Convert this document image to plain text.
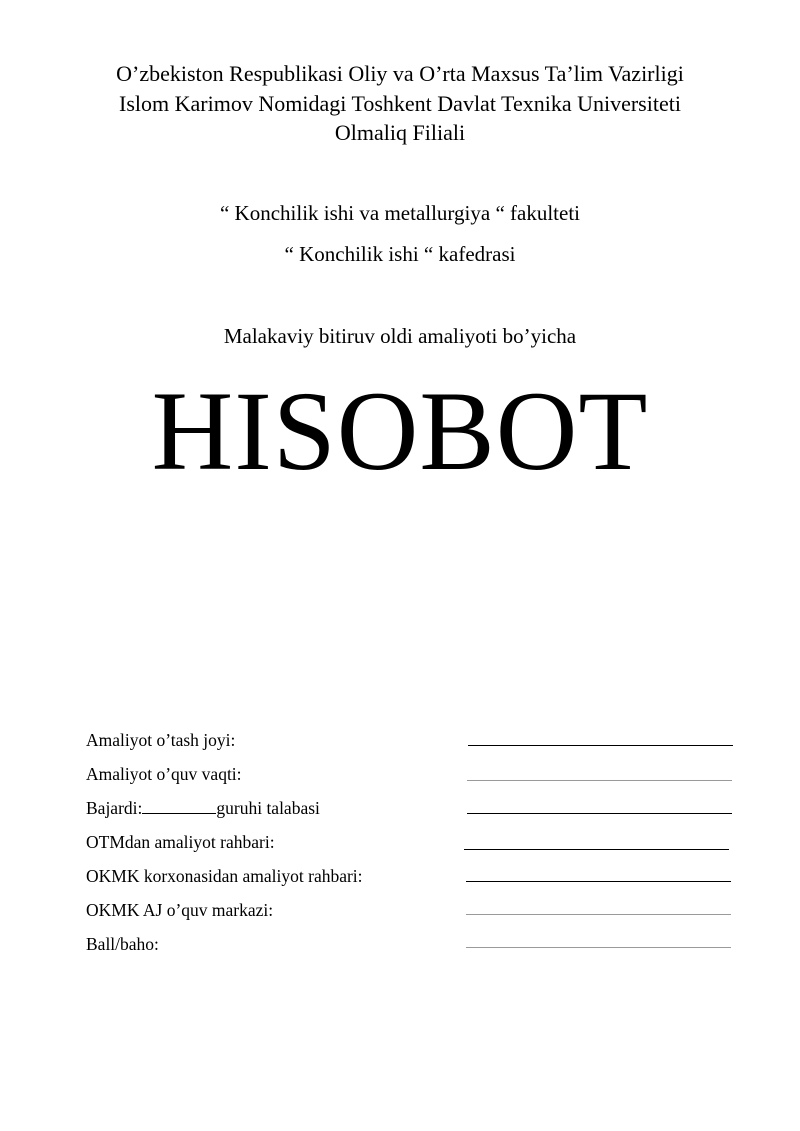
O’zbekiston Respublikasi Oliy va O’rta Maxsus Ta’lim Vazirligi
Islom Karimov Nomidagi Toshkent Davlat Texnika Universiteti
Olmaliq Filiali
“ Konchilik ishi va metallurgiya “ fakulteti
“ Konchilik ishi “ kafedrasi
Malakaviy bitiruv oldi amaliyoti bo’yicha
HISOBOT
Amaliyot o’tash joyi:
Amaliyot o’quv vaqti:
Bajardi:	guruhi talabasi
OTMdan amaliyot rahbari:
OKMK korxonasidan amaliyot rahbari:
OKMK AJ o’quv markazi:
Ball/baho:
